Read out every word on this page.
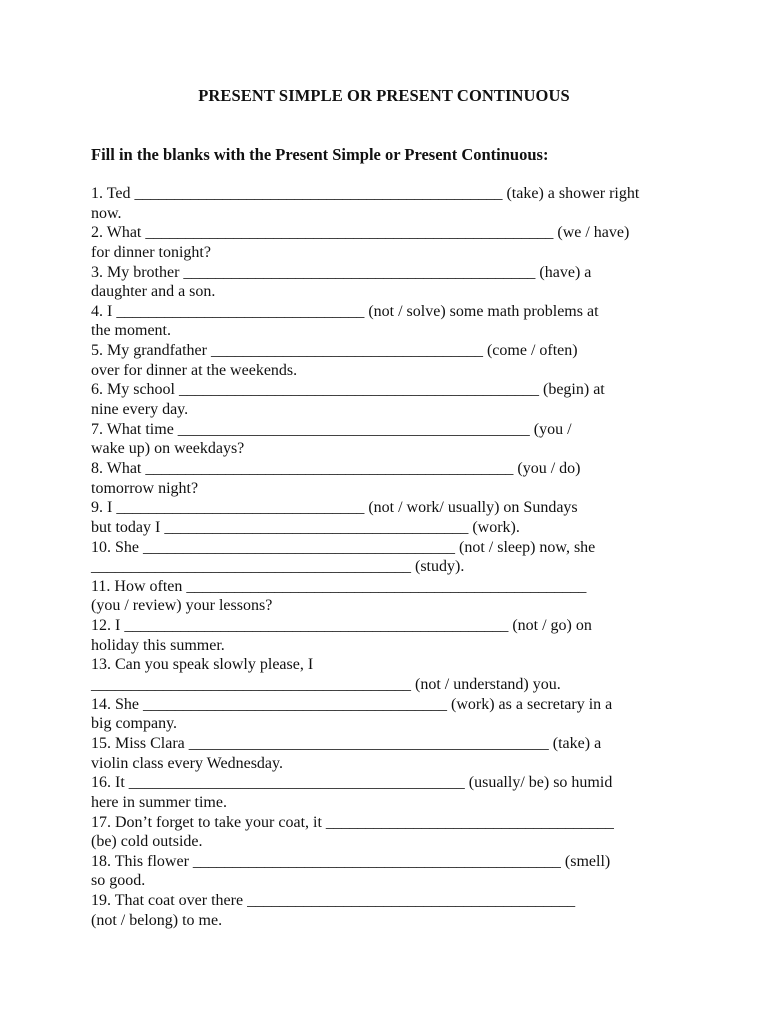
PRESENT SIMPLE OR PRESENT CONTINUOUS

Fill in the blanks with the Present Simple or Present Continuous:

1. Ted ______________________________________________ (take) a shower right
now.
2. What ___________________________________________________ (we / have)
for dinner tonight?
3. My brother ____________________________________________ (have) a
daughter and a son.
4. I _______________________________ (not / solve) some math problems at
the moment.
5. My grandfather __________________________________ (come / often)
over for dinner at the weekends.
6. My school _____________________________________________ (begin) at
nine every day.
7. What time ____________________________________________ (you /
wake up) on weekdays?
8. What ______________________________________________ (you / do)
tomorrow night?
9. I _______________________________ (not / work/ usually) on Sundays
but today I ______________________________________ (work).
10. She _______________________________________ (not / sleep) now, she
________________________________________ (study).
11. How often __________________________________________________
(you / review) your lessons?
12. I ________________________________________________ (not / go) on
holiday this summer.
13. Can you speak slowly please, I
________________________________________ (not / understand) you.
14. She ______________________________________ (work) as a secretary in a
big company.
15. Miss Clara _____________________________________________ (take) a
violin class every Wednesday.
16. It __________________________________________ (usually/ be) so humid
here in summer time.
17. Don’t forget to take your coat, it ____________________________________
(be) cold outside.
18. This flower ______________________________________________ (smell)
so good.
19. That coat over there _________________________________________
(not / belong) to me.
